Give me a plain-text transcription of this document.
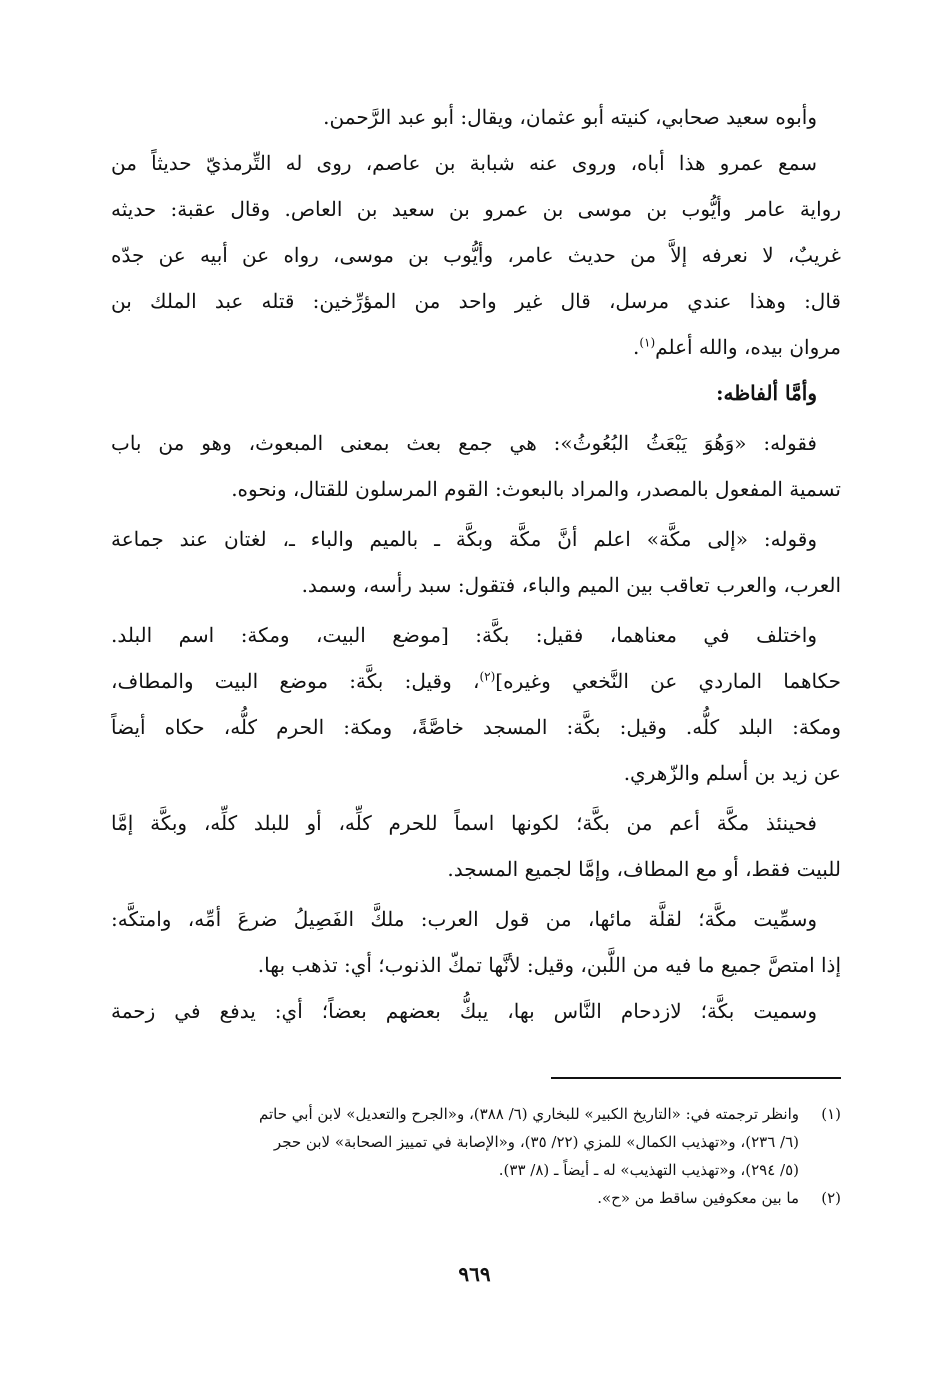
وأبوه سعيد صحابي، كنيته أبو عثمان، ويقال: أبو عبد الرَّحمن.
سمع عمرو هذا أباه، وروى عنه شبابة بن عاصم، روى له التِّرمذيّ حديثاً من
رواية عامر وأيُّوب بن موسى بن عمرو بن سعيد بن العاص. وقال عقبة: حديثه
غريبٌ، لا نعرفه إلاَّ من حديث عامر، وأيُّوب بن موسى، رواه عن أبيه عن جدّه
قال: وهذا عندي مرسل، قال غير واحد من المؤرِّخين: قتله عبد الملك بن
مروان بيده، والله أعلم$^{(١)}$.
وأمَّا ألفاظه:
فقوله: «وَهُوَ يَبْعَثُ البُعُوثُ»: هي جمع بعث بمعنى المبعوث، وهو من باب
تسمية المفعول بالمصدر، والمراد بالبعوث: القوم المرسلون للقتال، ونحوه.
وقوله: «إلى مكَّة» اعلم أنَّ مكَّة وبكَّة ـ بالميم والباء ـ، لغتان عند جماعة
العرب، والعرب تعاقب بين الميم والباء، فتقول: سبد رأسه، وسمد.
واختلف في معناهما، فقيل: بكَّة: [موضع البيت، ومكة: اسم البلد.
حكاهما الماردي عن النَّخعي وغيره]$^{(٢)}$، وقيل: بكَّة: موضع البيت والمطاف،
ومكة: البلد كلُّه. وقيل: بكَّة: المسجد خاصَّةً، ومكة: الحرم كلُّه، حكاه أيضاً
عن زيد بن أسلم والزّهري.
فحينئذ مكَّة أعم من بكَّة؛ لكونها اسماً للحرم كلِّه، أو للبلد كلِّه، وبكَّة إمَّا
للبيت فقط، أو مع المطاف، وإمَّا لجميع المسجد.
وسمِّيت مكَّة؛ لقلَّة مائها، من قول العرب: ملكَّ الفَصِيلُ ضرعَ أمِّه، وامتكَّه:
إذا امتصَّ جميع ما فيه من اللَّبن، وقيل: لأنَّها تمكّ الذنوب؛ أي: تذهب بها.
وسميت بكَّة؛ لازدحام النَّاس بها، يبكُّ بعضهم بعضاً؛ أي: يدفع في زحمة
(١)وانظر ترجمته في: «التاريخ الكبير» للبخاري (٦/ ٣٨٨)، و«الجرح والتعديل» لابن أبي حاتم
(٦/ ٢٣٦)، و«تهذيب الكمال» للمزي (٢٢/ ٣٥)، و«الإصابة في تمييز الصحابة» لابن حجر
(٥/ ٢٩٤)، و«تهذيب التهذيب» له ـ أيضاً ـ (٨/ ٣٣).
(٢)ما بين معكوفين ساقط من «ح».
٩٦٩
